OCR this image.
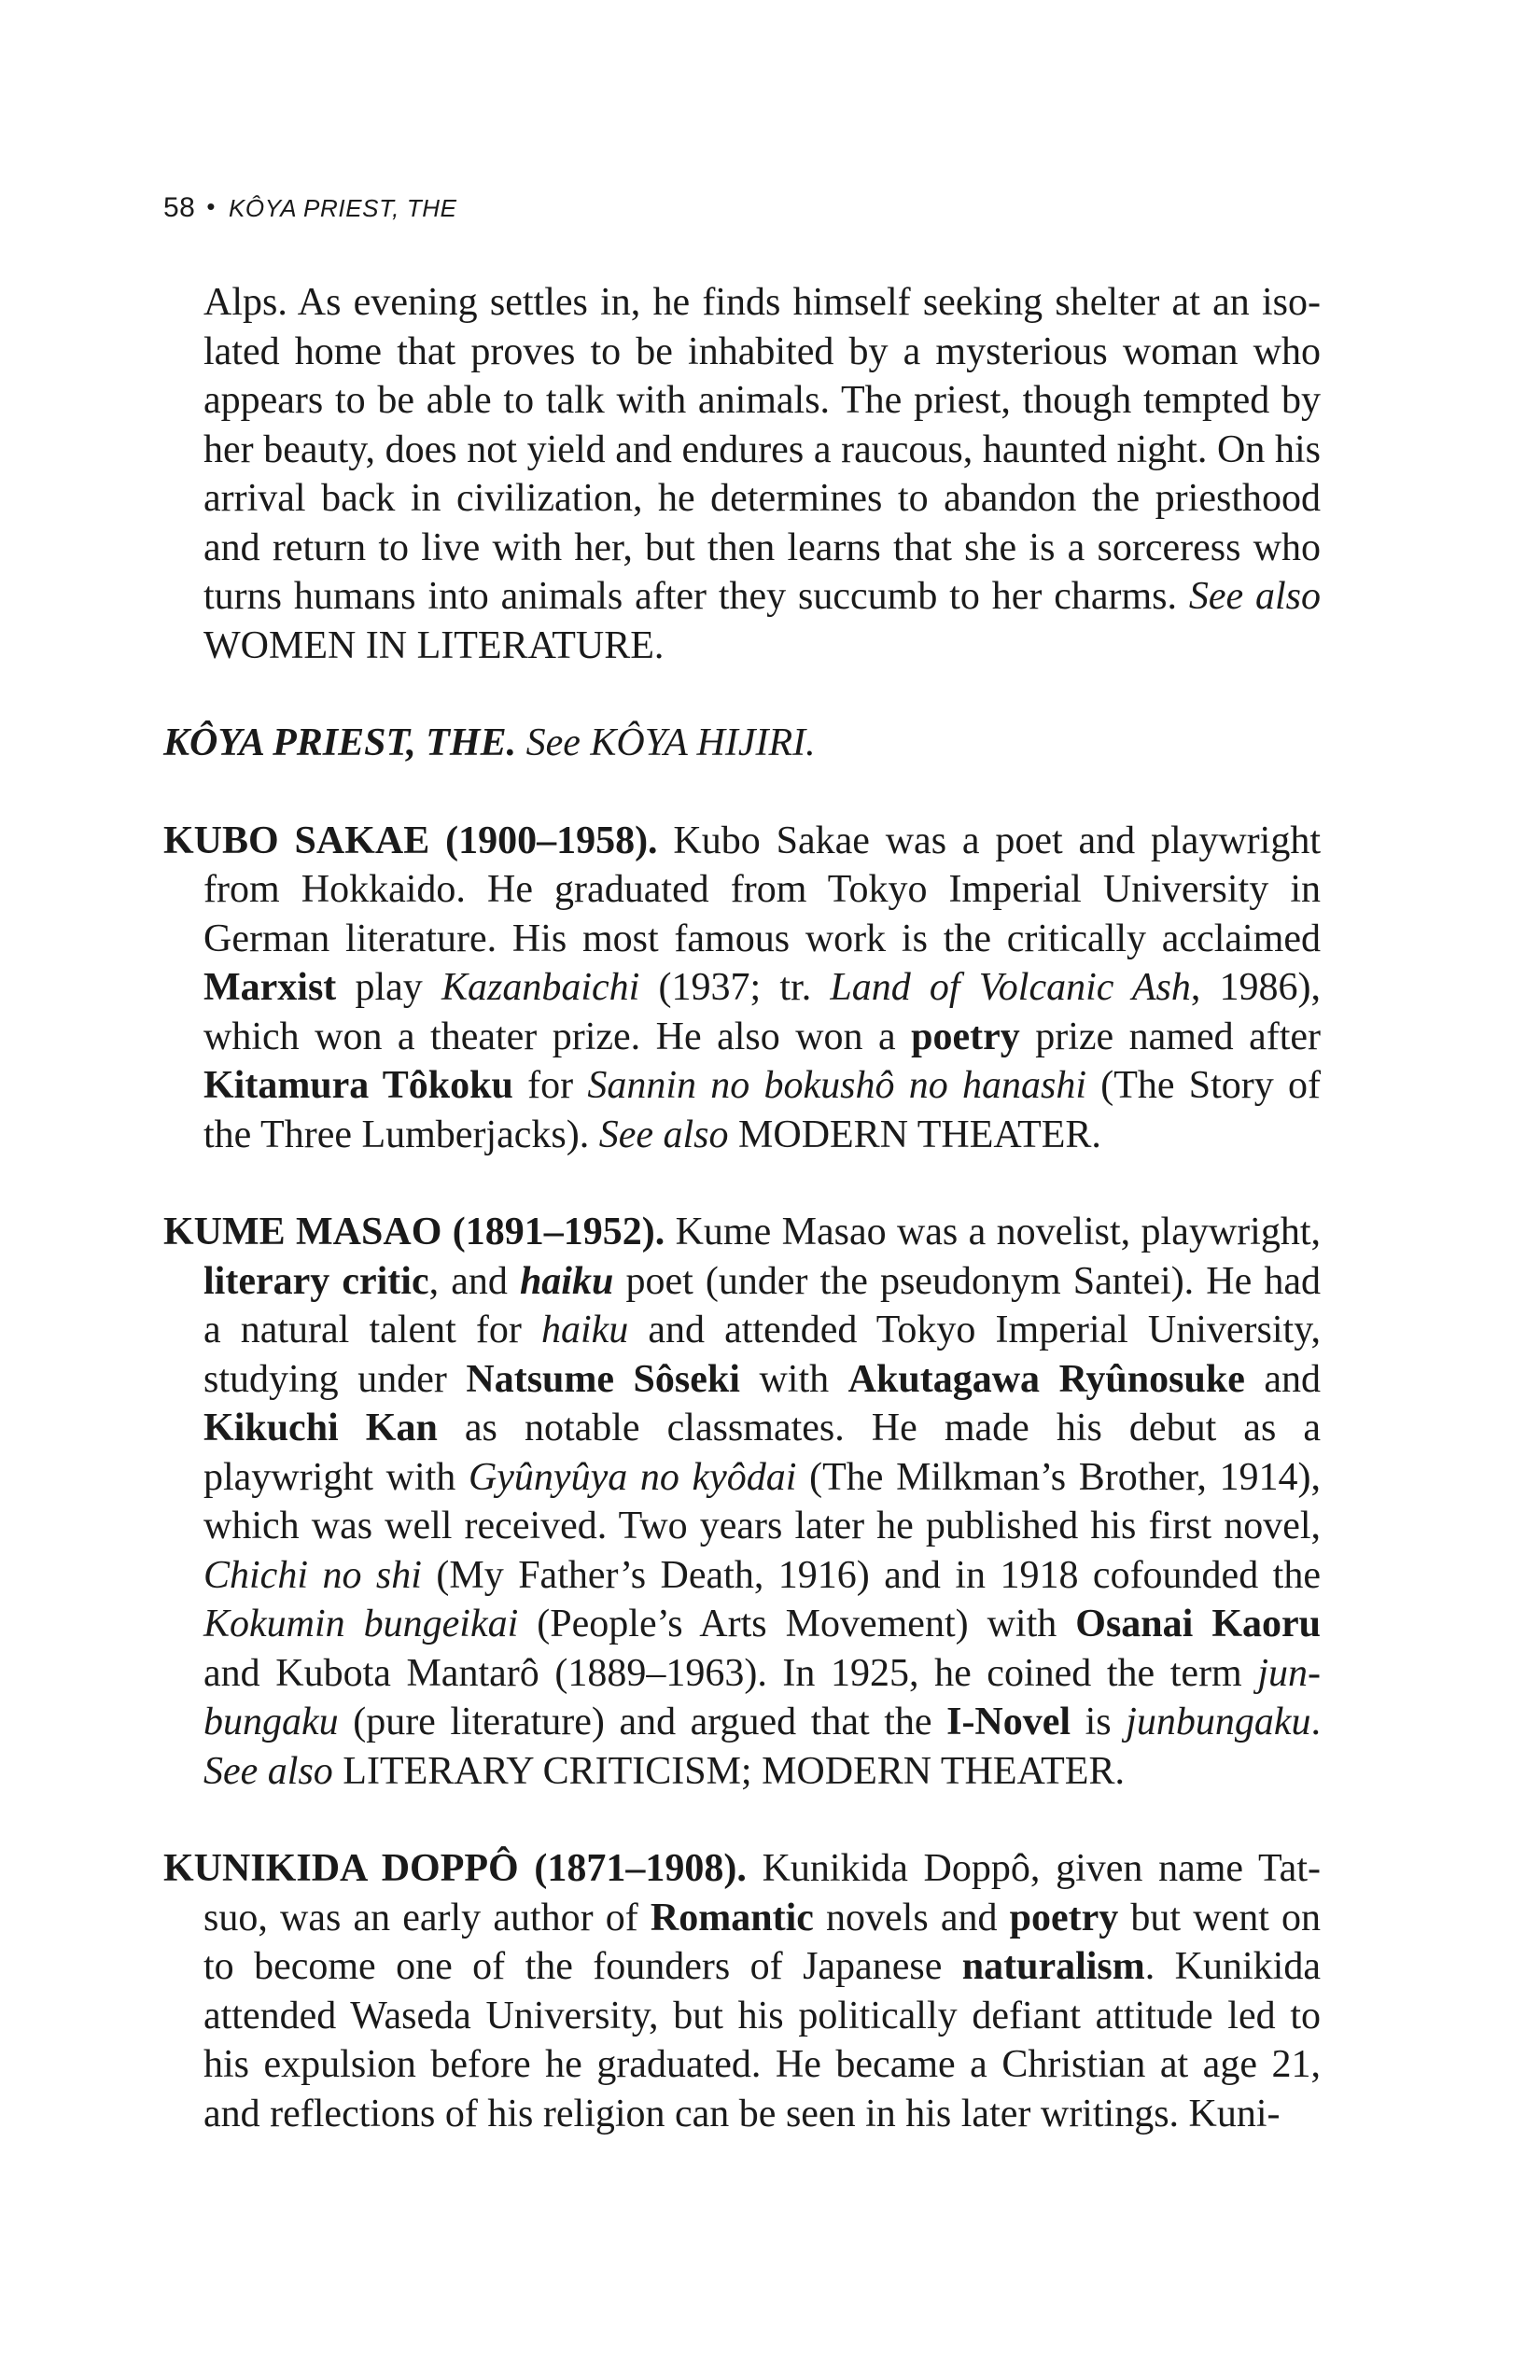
58 • KÔYA PRIEST, THE

Alps. As evening settles in, he finds himself seeking shelter at an isolated home that proves to be inhabited by a mysterious woman who appears to be able to talk with animals. The priest, though tempted by her beauty, does not yield and endures a raucous, haunted night. On his arrival back in civilization, he determines to abandon the priesthood and return to live with her, but then learns that she is a sorceress who turns humans into animals after they succumb to her charms. See also WOMEN IN LITERATURE.

KÔYA PRIEST, THE. See KÔYA HIJIRI.

KUBO SAKAE (1900–1958). Kubo Sakae was a poet and playwright from Hokkaido. He graduated from Tokyo Imperial University in German literature. His most famous work is the critically acclaimed Marxist play Kazanbaichi (1937; tr. Land of Volcanic Ash, 1986), which won a theater prize. He also won a poetry prize named after Kitamura Tôkoku for Sannin no bokushô no hanashi (The Story of the Three Lumberjacks). See also MODERN THEATER.

KUME MASAO (1891–1952). Kume Masao was a novelist, playwright, literary critic, and haiku poet (under the pseudonym Santei). He had a natural talent for haiku and attended Tokyo Imperial University, studying under Natsume Sôseki with Akutagawa Ryûnosuke and Kikuchi Kan as notable classmates. He made his debut as a playwright with Gyûnyûya no kyôdai (The Milkman’s Brother, 1914), which was well received. Two years later he published his first novel, Chichi no shi (My Father’s Death, 1916) and in 1918 cofounded the Kokumin bungeikai (People’s Arts Movement) with Osanai Kaoru and Kubota Mantarô (1889–1963). In 1925, he coined the term junbungaku (pure literature) and argued that the I-Novel is junbungaku. See also LITERARY CRITICISM; MODERN THEATER.

KUNIKIDA DOPPÔ (1871–1908). Kunikida Doppô, given name Tatsuo, was an early author of Romantic novels and poetry but went on to become one of the founders of Japanese naturalism. Kunikida attended Waseda University, but his politically defiant attitude led to his expulsion before he graduated. He became a Christian at age 21, and reflections of his religion can be seen in his later writings. Kuni-
